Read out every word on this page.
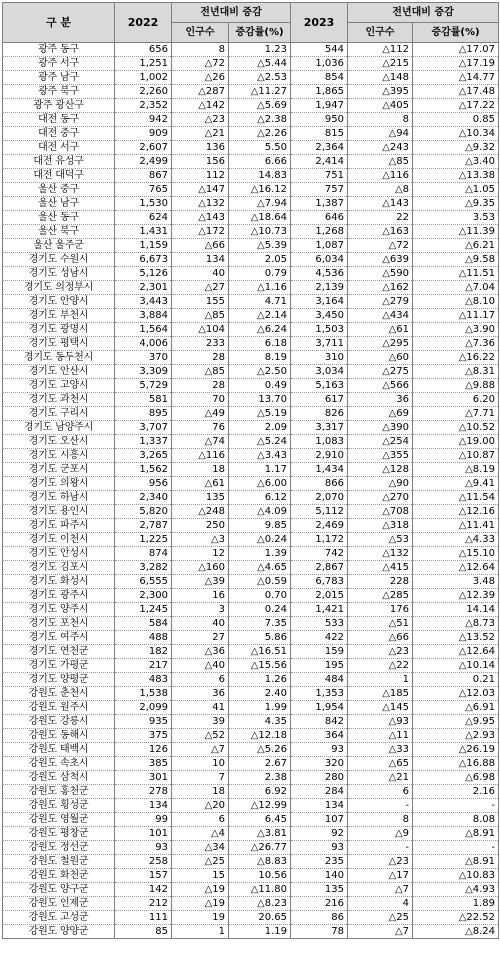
구 분	2022	전년대비 증감		2023	전년대비 증감	
		인구수	증감률(%)		인구수	증감률(%)
광주 동구	656	8	1.23	544	△112	△17.07
광주 서구	1,251	△72	△5.44	1,036	△215	△17.19
광주 남구	1,002	△26	△2.53	854	△148	△14.77
광주 북구	2,260	△287	△11.27	1,865	△395	△17.48
광주 광산구	2,352	△142	△5.69	1,947	△405	△17.22
대전 동구	942	△23	△2.38	950	8	0.85
대전 중구	909	△21	△2.26	815	△94	△10.34
대전 서구	2,607	136	5.50	2,364	△243	△9.32
대전 유성구	2,499	156	6.66	2,414	△85	△3.40
대전 대덕구	867	112	14.83	751	△116	△13.38
울산 중구	765	△147	△16.12	757	△8	△1.05
울산 남구	1,530	△132	△7.94	1,387	△143	△9.35
울산 동구	624	△143	△18.64	646	22	3.53
울산 북구	1,431	△172	△10.73	1,268	△163	△11.39
울산 울주군	1,159	△66	△5.39	1,087	△72	△6.21
경기도 수원시	6,673	134	2.05	6,034	△639	△9.58
경기도 성남시	5,126	40	0.79	4,536	△590	△11.51
경기도 의정부시	2,301	△27	△1.16	2,139	△162	△7.04
경기도 안양시	3,443	155	4.71	3,164	△279	△8.10
경기도 부천시	3,884	△85	△2.14	3,450	△434	△11.17
경기도 광명시	1,564	△104	△6.24	1,503	△61	△3.90
경기도 평택시	4,006	233	6.18	3,711	△295	△7.36
경기도 동두천시	370	28	8.19	310	△60	△16.22
경기도 안산시	3,309	△85	△2.50	3,034	△275	△8.31
경기도 고양시	5,729	28	0.49	5,163	△566	△9.88
경기도 과천시	581	70	13.70	617	36	6.20
경기도 구리시	895	△49	△5.19	826	△69	△7.71
경기도 남양주시	3,707	76	2.09	3,317	△390	△10.52
경기도 오산시	1,337	△74	△5.24	1,083	△254	△19.00
경기도 시흥시	3,265	△116	△3.43	2,910	△355	△10.87
경기도 군포시	1,562	18	1.17	1,434	△128	△8.19
경기도 의왕시	956	△61	△6.00	866	△90	△9.41
경기도 하남시	2,340	135	6.12	2,070	△270	△11.54
경기도 용인시	5,820	△248	△4.09	5,112	△708	△12.16
경기도 파주시	2,787	250	9.85	2,469	△318	△11.41
경기도 이천시	1,225	△3	△0.24	1,172	△53	△4.33
경기도 안성시	874	12	1.39	742	△132	△15.10
경기도 김포시	3,282	△160	△4.65	2,867	△415	△12.64
경기도 화성시	6,555	△39	△0.59	6,783	228	3.48
경기도 광주시	2,300	16	0.70	2,015	△285	△12.39
경기도 양주시	1,245	3	0.24	1,421	176	14.14
경기도 포천시	584	40	7.35	533	△51	△8.73
경기도 여주시	488	27	5.86	422	△66	△13.52
경기도 연천군	182	△36	△16.51	159	△23	△12.64
경기도 가평군	217	△40	△15.56	195	△22	△10.14
경기도 양평군	483	6	1.26	484	1	0.21
강원도 춘천시	1,538	36	2.40	1,353	△185	△12.03
강원도 원주시	2,099	41	1.99	1,954	△145	△6.91
강원도 강릉시	935	39	4.35	842	△93	△9.95
강원도 동해시	375	△52	△12.18	364	△11	△2.93
강원도 태백시	126	△7	△5.26	93	△33	△26.19
강원도 속초시	385	10	2.67	320	△65	△16.88
강원도 삼척시	301	7	2.38	280	△21	△6.98
강원도 홍천군	278	18	6.92	284	6	2.16
강원도 횡성군	134	△20	△12.99	134	-	-
강원도 영월군	99	6	6.45	107	8	8.08
강원도 평창군	101	△4	△3.81	92	△9	△8.91
강원도 정선군	93	△34	△26.77	93	-	-
강원도 철원군	258	△25	△8.83	235	△23	△8.91
강원도 화천군	157	15	10.56	140	△17	△10.83
강원도 양구군	142	△19	△11.80	135	△7	△4.93
강원도 인제군	212	△19	△8.23	216	4	1.89
강원도 고성군	111	19	20.65	86	△25	△22.52
강원도 양양군	85	1	1.19	78	△7	△8.24
